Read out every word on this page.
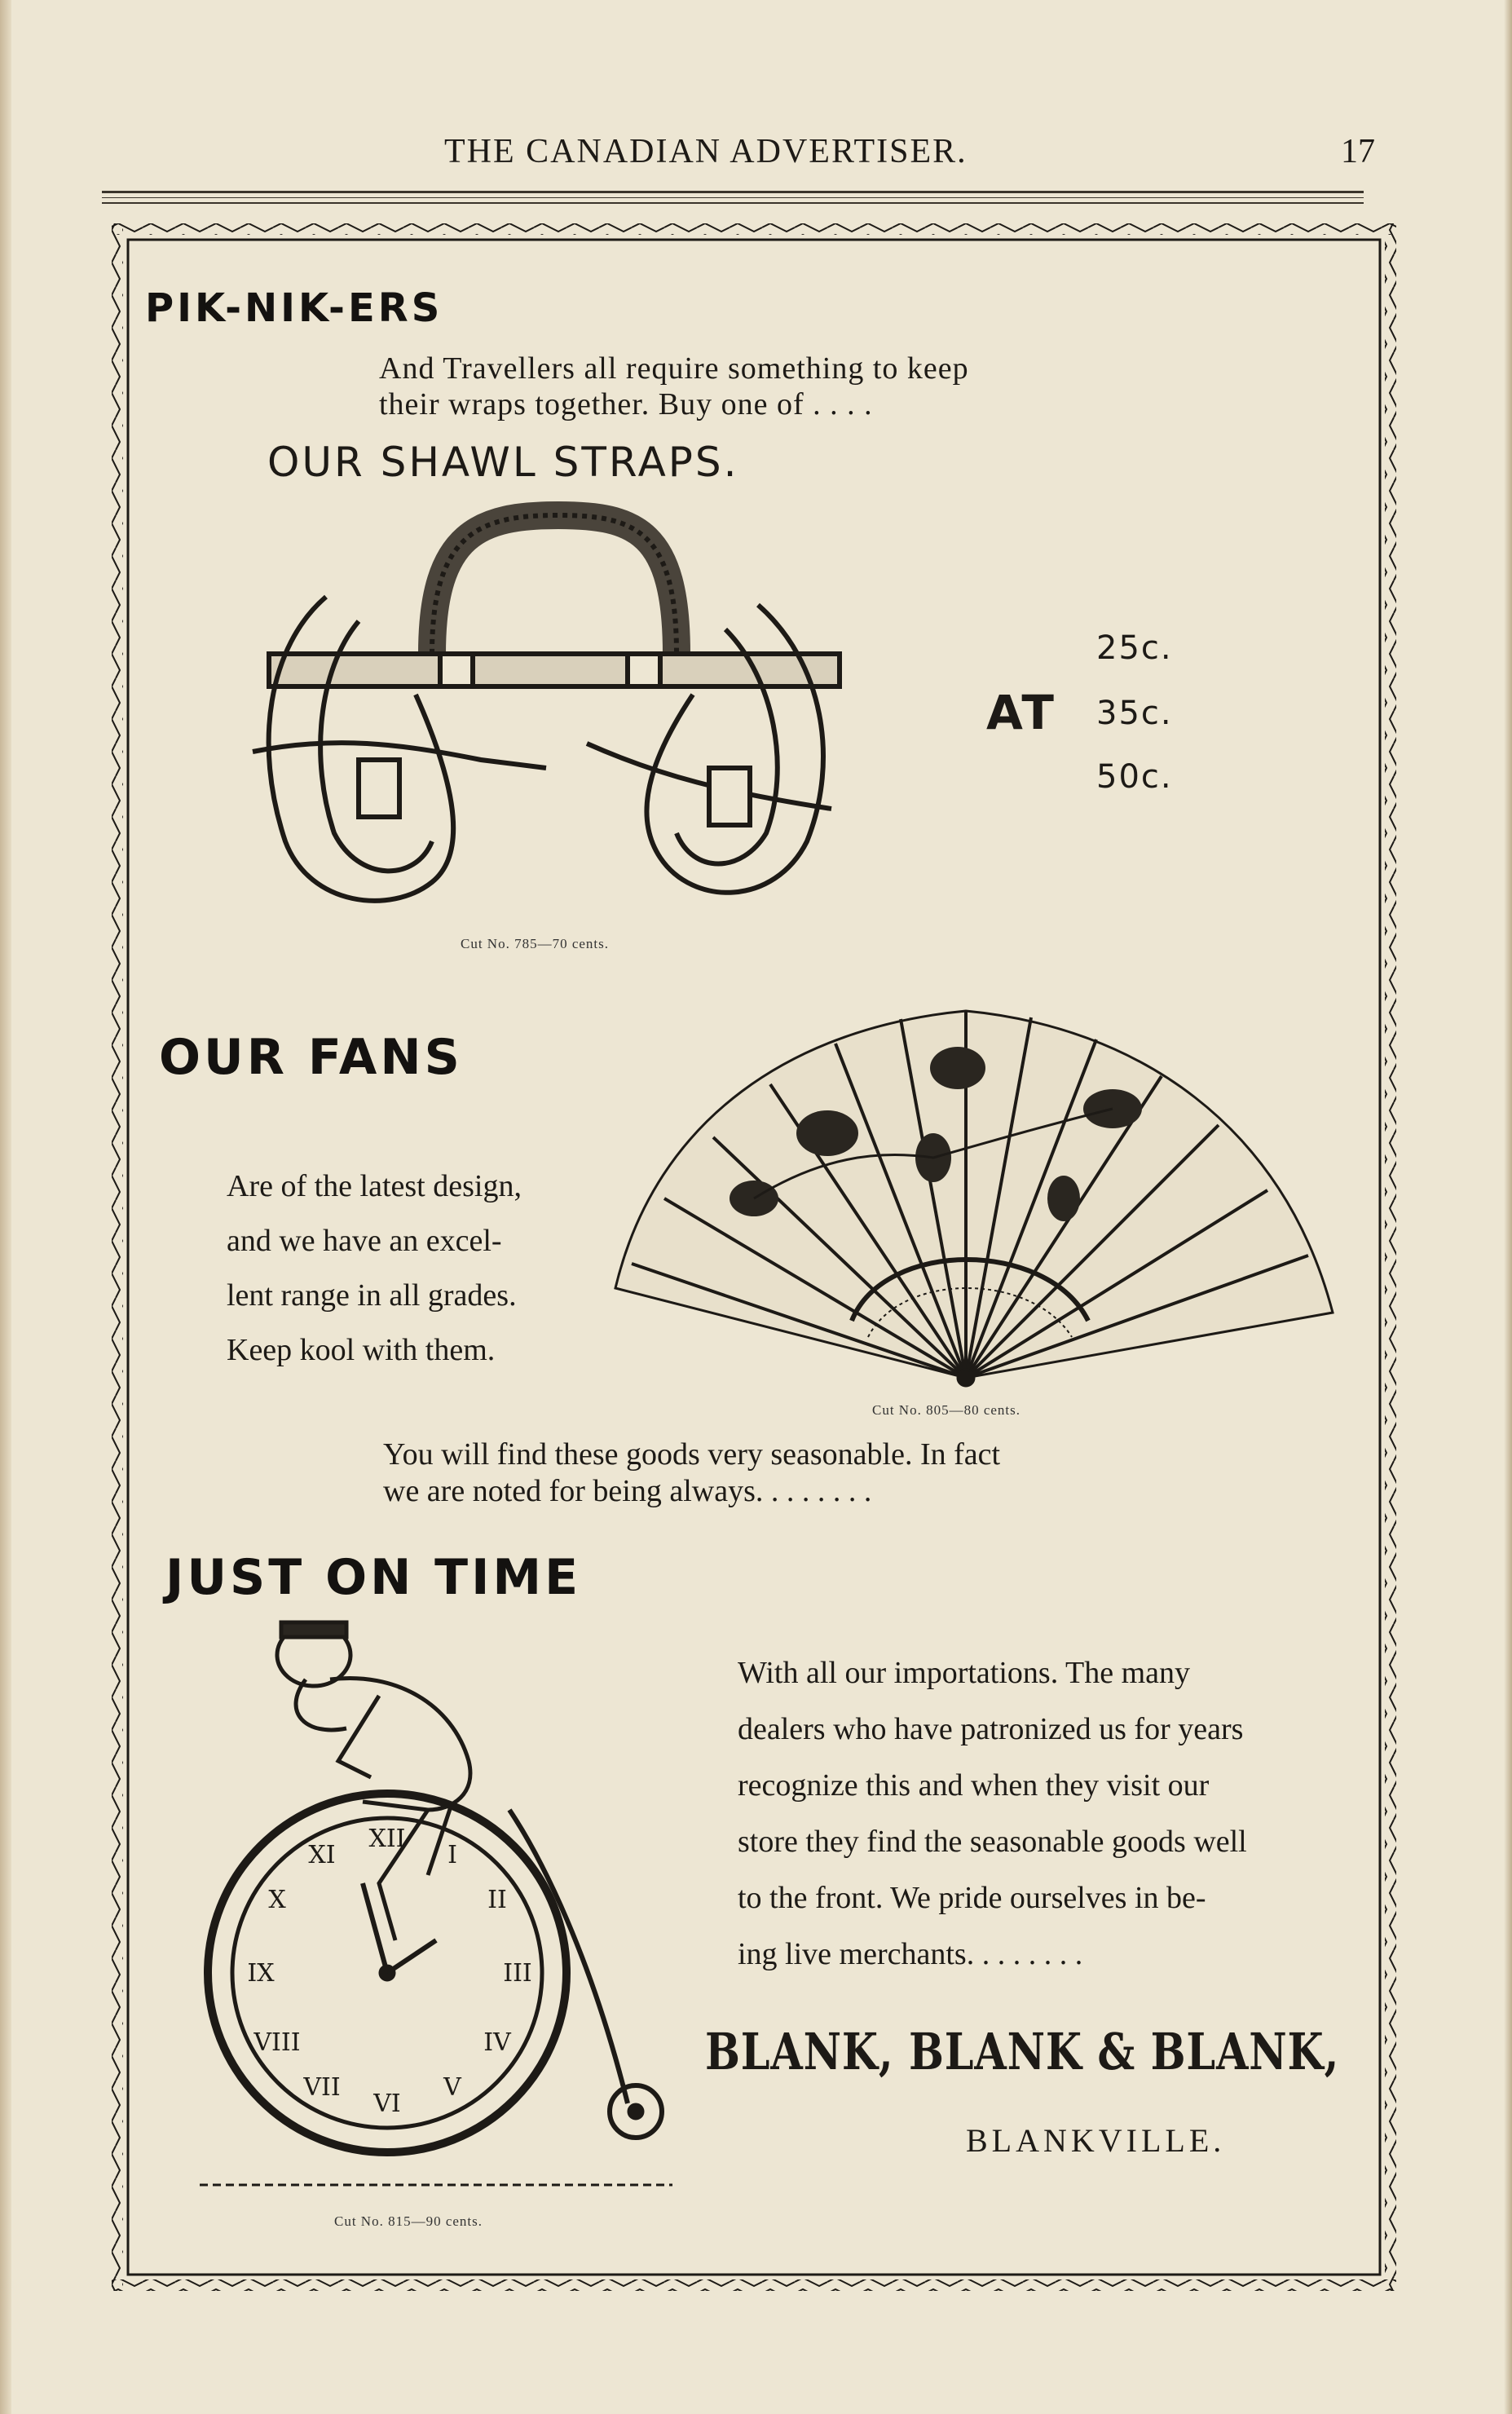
THE CANADIAN ADVERTISER.	17
PIK-NIK-ERS
And Travellers all require something to keep
their wraps together. Buy one of . . . .
OUR SHAWL STRAPS.
Cut No. 785—70 cents.
AT
25c.
35c.
50c.
OUR FANS
Are of the latest design,
and we have an excel-
lent range in all grades.
Keep kool with them.
Cut No. 805—80 cents.
You will find these goods very seasonable. In fact
we are noted for being always. . . . . . . .
JUST ON TIME
XII
I
II
III
IV
V
VI
VII
VIII
IX
X
XI
Cut No. 815—90 cents.
With all our importations. The many
dealers who have patronized us for years
recognize this and when they visit our
store they find the seasonable goods well
to the front. We pride ourselves in be-
ing live merchants. . . . . . . .
BLANK, BLANK & BLANK,
BLANKVILLE.
